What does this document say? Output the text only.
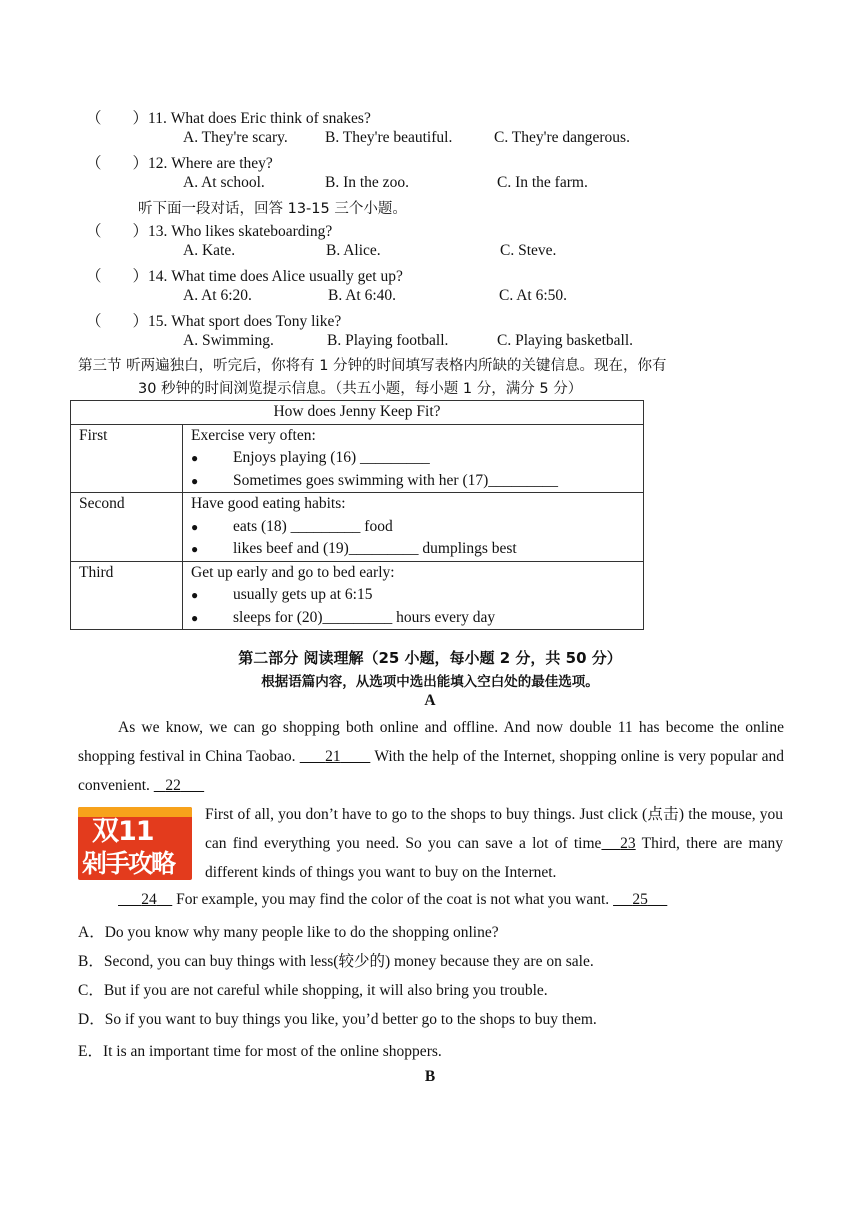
（　　）11. What does Eric think of snakes?
A. They're scary. B. They're beautiful.	C. They're dangerous.
（　　）12. Where are they?
A. At school.	B. In the zoo.	C. In the farm.
听下面一段对话，回答 13-15 三个小题。
（　　）13. Who likes skateboarding?
A. Kate.	B. Alice.	C. Steve.
（　　）14. What time does Alice usually get up?
A. At 6:20.	B. At 6:40.	C. At 6:50.
（　　）15. What sport does Tony like?
A. Swimming.	B. Playing football.	C. Playing basketball.
第三节 听两遍独白，听完后，你将有 1 分钟的时间填写表格内所缺的关键信息。现在，你有
30 秒钟的时间浏览提示信息。（共五小题，每小题 1 分，满分 5 分）
How does Jenny Keep Fit?	
First	Exercise very often:
● Enjoys playing (16) _________
● Sometimes goes swimming with her (17)_________

Second	Have good eating habits:
● eats (18) _________ food
● likes beef and (19)_________ dumplings best

Third	Get up early and go to bed early:
● usually gets up at 6:15
● sleeps for (20)_________ hours every day
第二部分 阅读理解（25 小题，每小题 2 分，共 50 分）
根据语篇内容，从选项中选出能填入空白处的最佳选项。
A
As we know, we can go shopping both online and offline. And now double 11 has become the online shopping festival in China Taobao. 21 With the help of the Internet, shopping online is very popular and convenient. 22
双11
剁手攻略
First of all, you don’t have to go to the shops to buy things. Just click (点击) the mouse, you can find everything you need. So you can save a lot of time 23 Third, there are many different kinds of things you want to buy on the Internet.
24 For example, you may find the color of the coat is not what you want. 25
A．Do you know why many people like to do the shopping online?
B．Second, you can buy things with less(较少的) money because they are on sale.
C．But if you are not careful while shopping, it will also bring you trouble.
D．So if you want to buy things you like, you’d better go to the shops to buy them.
E．It is an important time for most of the online shoppers.
B
